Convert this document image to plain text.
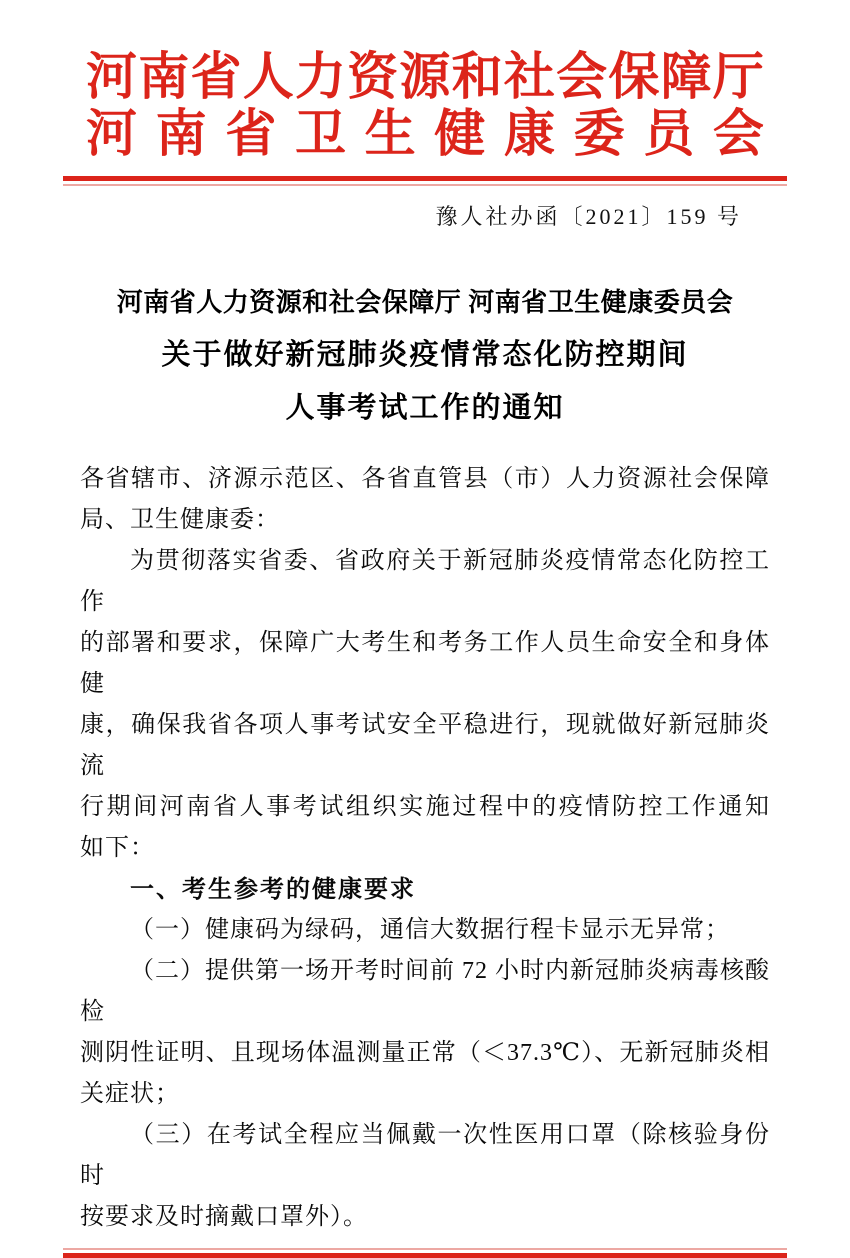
河 南 省 人 力 资 源 和 社 会 保 障 厅
河 南 省 卫 生 健 康 委 员 会
豫人社办函〔2021〕159 号
河南省人力资源和社会保障厅 河南省卫生健康委员会
关于做好新冠肺炎疫情常态化防控期间
人事考试工作的通知
各省辖市、济源示范区、各省直管县（市）人力资源社会保障
局、卫生健康委：
为贯彻落实省委、省政府关于新冠肺炎疫情常态化防控工作
的部署和要求，保障广大考生和考务工作人员生命安全和身体健
康，确保我省各项人事考试安全平稳进行，现就做好新冠肺炎流
行期间河南省人事考试组织实施过程中的疫情防控工作通知
如下：
一、考生参考的健康要求
（一）健康码为绿码，通信大数据行程卡显示无异常；
（二）提供第一场开考时间前 72 小时内新冠肺炎病毒核酸检
测阴性证明、且现场体温测量正常（＜37.3℃）、无新冠肺炎相
关症状；
（三）在考试全程应当佩戴一次性医用口罩（除核验身份时
按要求及时摘戴口罩外）。
